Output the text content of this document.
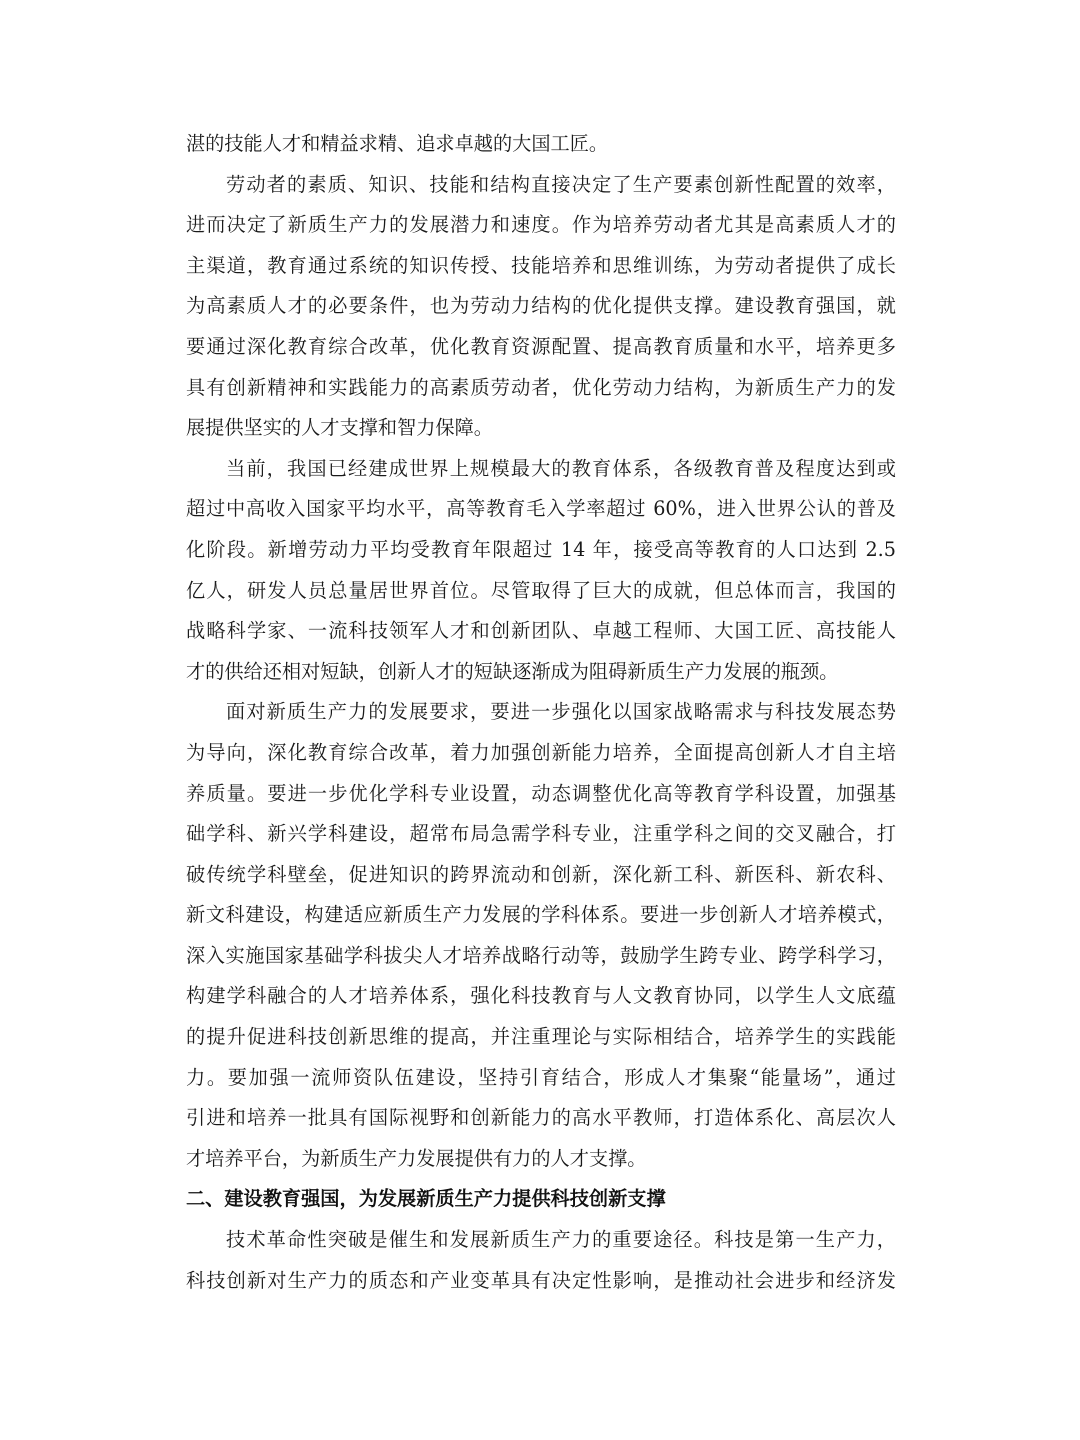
湛的技能人才和精益求精、追求卓越的大国工匠。
劳动者的素质、知识、技能和结构直接决定了生产要素创新性配置的效率，
进而决定了新质生产力的发展潜力和速度。作为培养劳动者尤其是高素质人才的
主渠道，教育通过系统的知识传授、技能培养和思维训练，为劳动者提供了成长
为高素质人才的必要条件，也为劳动力结构的优化提供支撑。建设教育强国，就
要通过深化教育综合改革，优化教育资源配置、提高教育质量和水平，培养更多
具有创新精神和实践能力的高素质劳动者，优化劳动力结构，为新质生产力的发
展提供坚实的人才支撑和智力保障。
当前，我国已经建成世界上规模最大的教育体系，各级教育普及程度达到或
超过中高收入国家平均水平，高等教育毛入学率超过 60%，进入世界公认的普及
化阶段。新增劳动力平均受教育年限超过 14 年，接受高等教育的人口达到 2.5
亿人，研发人员总量居世界首位。尽管取得了巨大的成就，但总体而言，我国的
战略科学家、一流科技领军人才和创新团队、卓越工程师、大国工匠、高技能人
才的供给还相对短缺，创新人才的短缺逐渐成为阻碍新质生产力发展的瓶颈。
面对新质生产力的发展要求，要进一步强化以国家战略需求与科技发展态势
为导向，深化教育综合改革，着力加强创新能力培养，全面提高创新人才自主培
养质量。要进一步优化学科专业设置，动态调整优化高等教育学科设置，加强基
础学科、新兴学科建设，超常布局急需学科专业，注重学科之间的交叉融合，打
破传统学科壁垒，促进知识的跨界流动和创新，深化新工科、新医科、新农科、
新文科建设，构建适应新质生产力发展的学科体系。要进一步创新人才培养模式，
深入实施国家基础学科拔尖人才培养战略行动等，鼓励学生跨专业、跨学科学习，
构建学科融合的人才培养体系，强化科技教育与人文教育协同，以学生人文底蕴
的提升促进科技创新思维的提高，并注重理论与实际相结合，培养学生的实践能
力。要加强一流师资队伍建设，坚持引育结合，形成人才集聚“能量场”，通过
引进和培养一批具有国际视野和创新能力的高水平教师，打造体系化、高层次人
才培养平台，为新质生产力发展提供有力的人才支撑。
二、建设教育强国，为发展新质生产力提供科技创新支撑
技术革命性突破是催生和发展新质生产力的重要途径。科技是第一生产力，
科技创新对生产力的质态和产业变革具有决定性影响，是推动社会进步和经济发
